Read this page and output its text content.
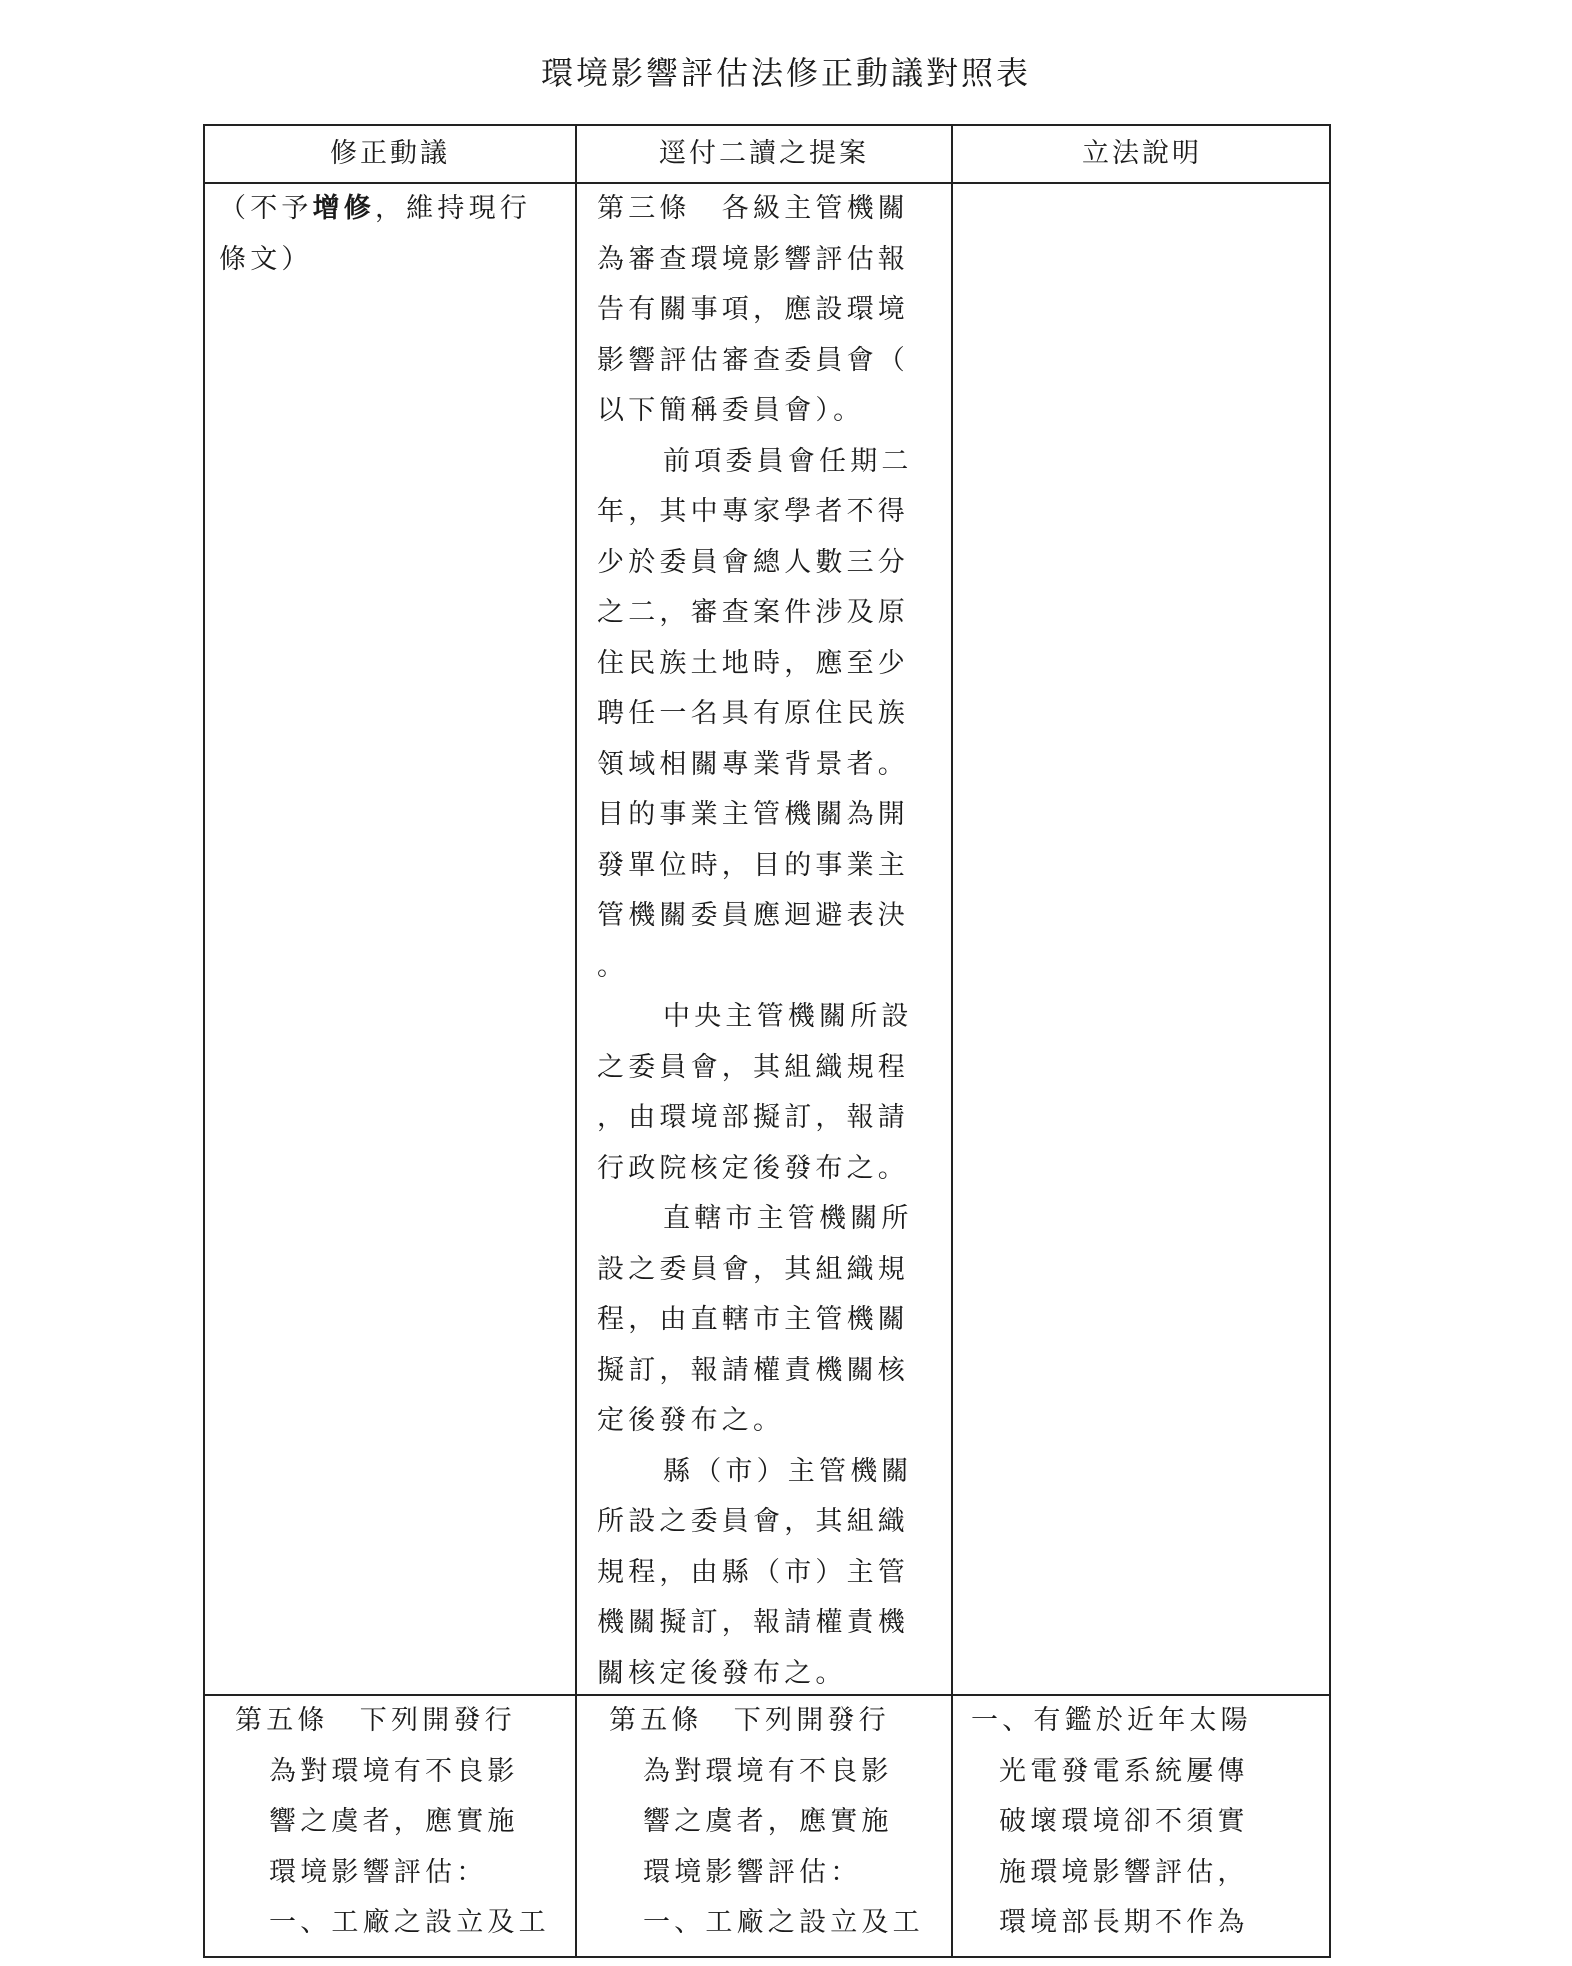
環境影響評估法修正動議對照表
修正動議	逕付二讀之提案	立法說明
（不予增修，維持現行
條文）
第三條　各級主管機關
為審查環境影響評估報
告有關事項，應設環境
影響評估審查委員會（
以下簡稱委員會）。
前項委員會任期二
年，其中專家學者不得
少於委員會總人數三分
之二，審查案件涉及原
住民族土地時，應至少
聘任一名具有原住民族
領域相關專業背景者。
目的事業主管機關為開
發單位時，目的事業主
管機關委員應迴避表決
。
中央主管機關所設
之委員會，其組織規程
，由環境部擬訂，報請
行政院核定後發布之。
直轄市主管機關所
設之委員會，其組織規
程，由直轄市主管機關
擬訂，報請權責機關核
定後發布之。
縣（市）主管機關
所設之委員會，其組織
規程，由縣（市）主管
機關擬訂，報請權責機
關核定後發布之。
第五條　下列開發行
為對環境有不良影
響之虞者，應實施
環境影響評估：
一、工廠之設立及工
第五條　下列開發行
為對環境有不良影
響之虞者，應實施
環境影響評估：
一、工廠之設立及工
一、有鑑於近年太陽
光電發電系統屢傳
破壞環境卻不須實
施環境影響評估，
環境部長期不作為
